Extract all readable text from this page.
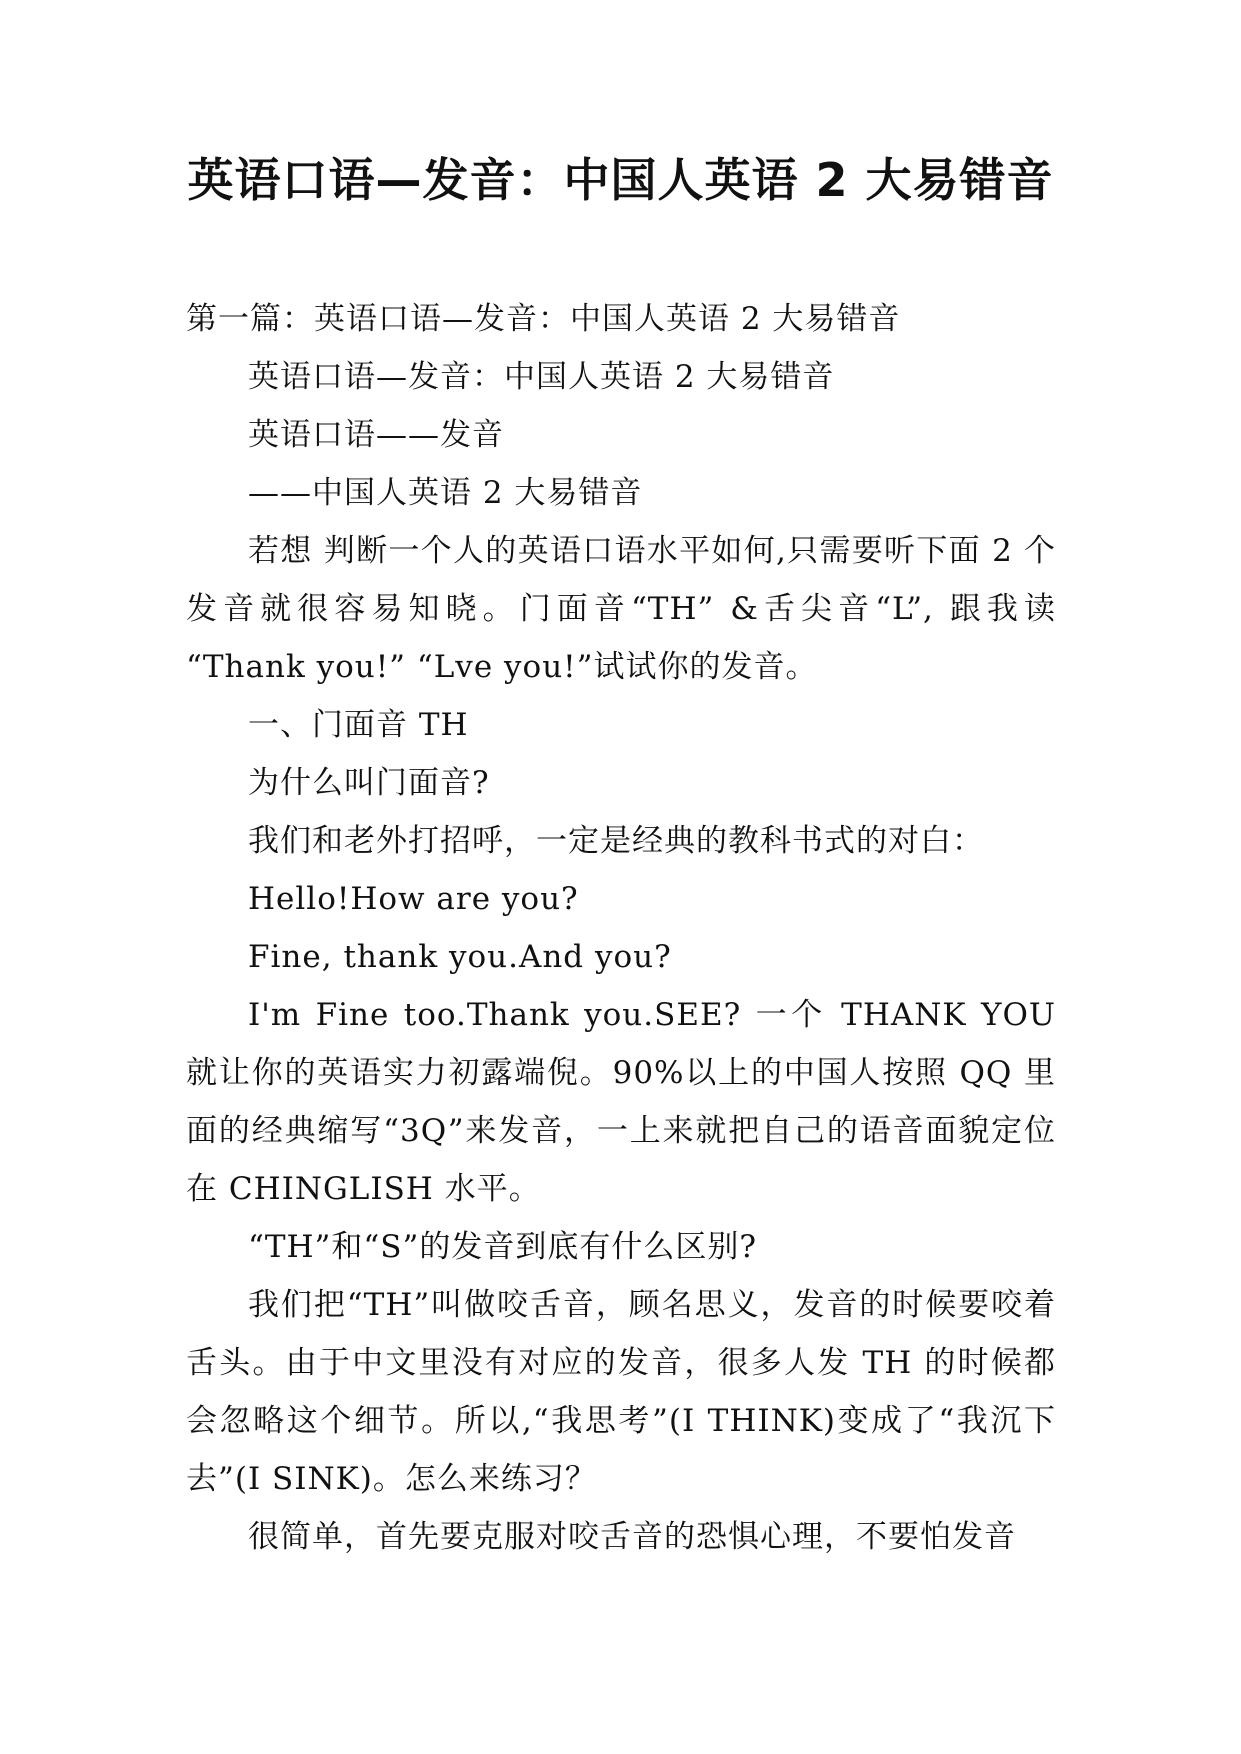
英语口语—发音：中国人英语 2 大易错音

第一篇：英语口语—发音：中国人英语 2 大易错音

英语口语—发音：中国人英语 2 大易错音

英语口语——发音

——中国人英语 2 大易错音

若想 判断一个人的英语口语水平如何,只需要听下面 2 个发音就很容易知晓。门面音“TH” &舌尖音“L”, 跟我读 “Thank you!” “Lve you!”试试你的发音。

一、门面音 TH

为什么叫门面音?

我们和老外打招呼，一定是经典的教科书式的对白：

Hello!How are you?

Fine, thank you.And you?

I'm Fine too.Thank you.SEE? 一个 THANK YOU 就让你的英语实力初露端倪。90%以上的中国人按照 QQ 里面的经典缩写“3Q”来发音，一上来就把自己的语音面貌定位在 CHINGLISH 水平。

“TH”和“S”的发音到底有什么区别?

我们把“TH”叫做咬舌音，顾名思义，发音的时候要咬着舌头。由于中文里没有对应的发音，很多人发 TH 的时候都会忽略这个细节。所以,“我思考”(I THINK)变成了“我沉下去”(I SINK)。怎么来练习？

很简单，首先要克服对咬舌音的恐惧心理，不要怕发音
